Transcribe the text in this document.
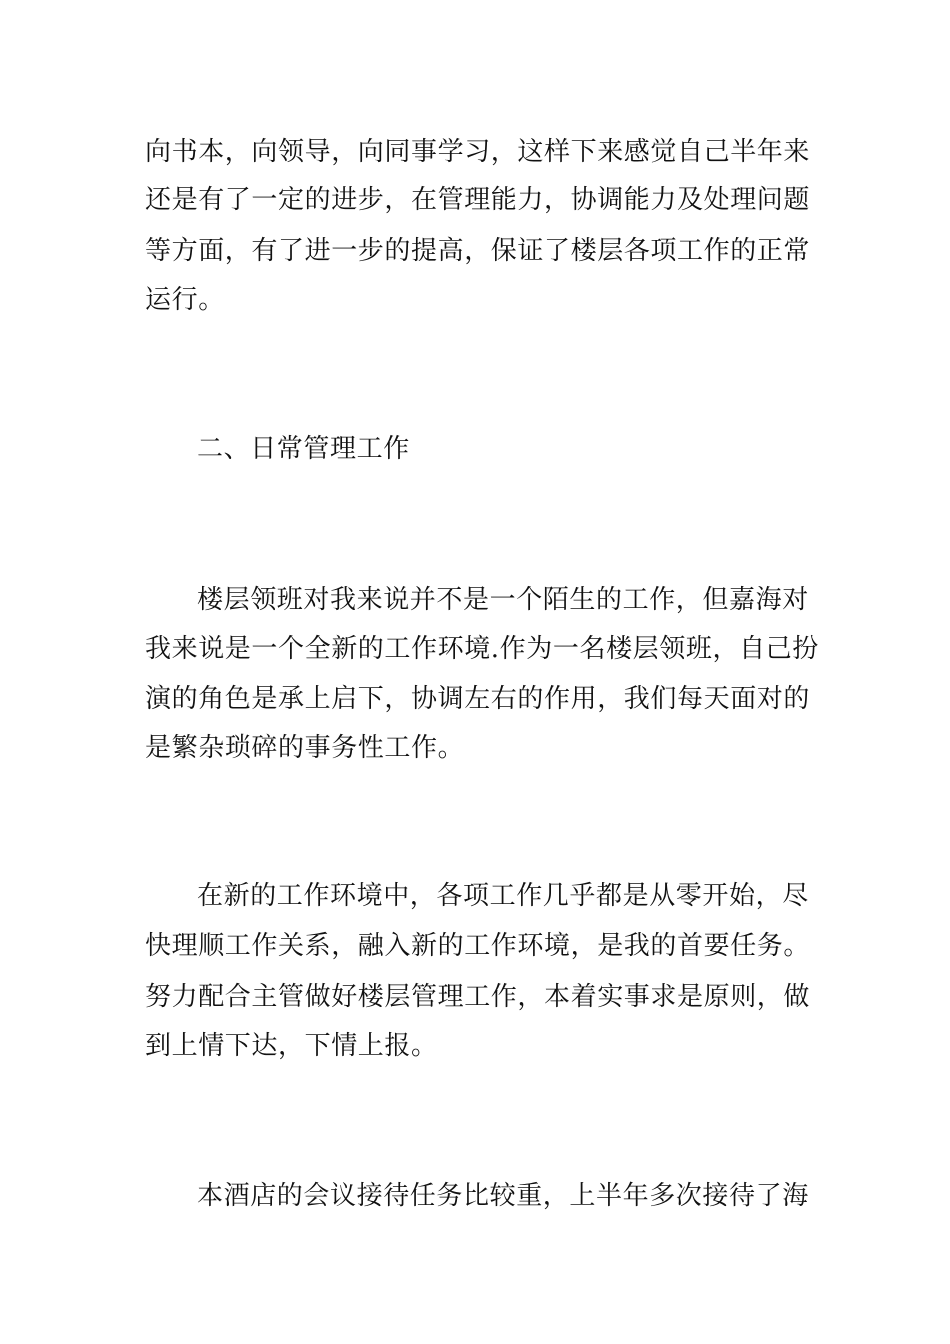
向书本，向领导，向同事学习，这样下来感觉自己半年来
还是有了一定的进步，在管理能力，协调能力及处理问题
等方面，有了进一步的提高，保证了楼层各项工作的正常
运行。
二、日常管理工作
楼层领班对我来说并不是一个陌生的工作，但嘉海对
我来说是一个全新的工作环境.作为一名楼层领班，自己扮
演的角色是承上启下，协调左右的作用，我们每天面对的
是繁杂琐碎的事务性工作。
在新的工作环境中，各项工作几乎都是从零开始，尽
快理顺工作关系，融入新的工作环境，是我的首要任务。
努力配合主管做好楼层管理工作，本着实事求是原则，做
到上情下达，下情上报。
本酒店的会议接待任务比较重，上半年多次接待了海
